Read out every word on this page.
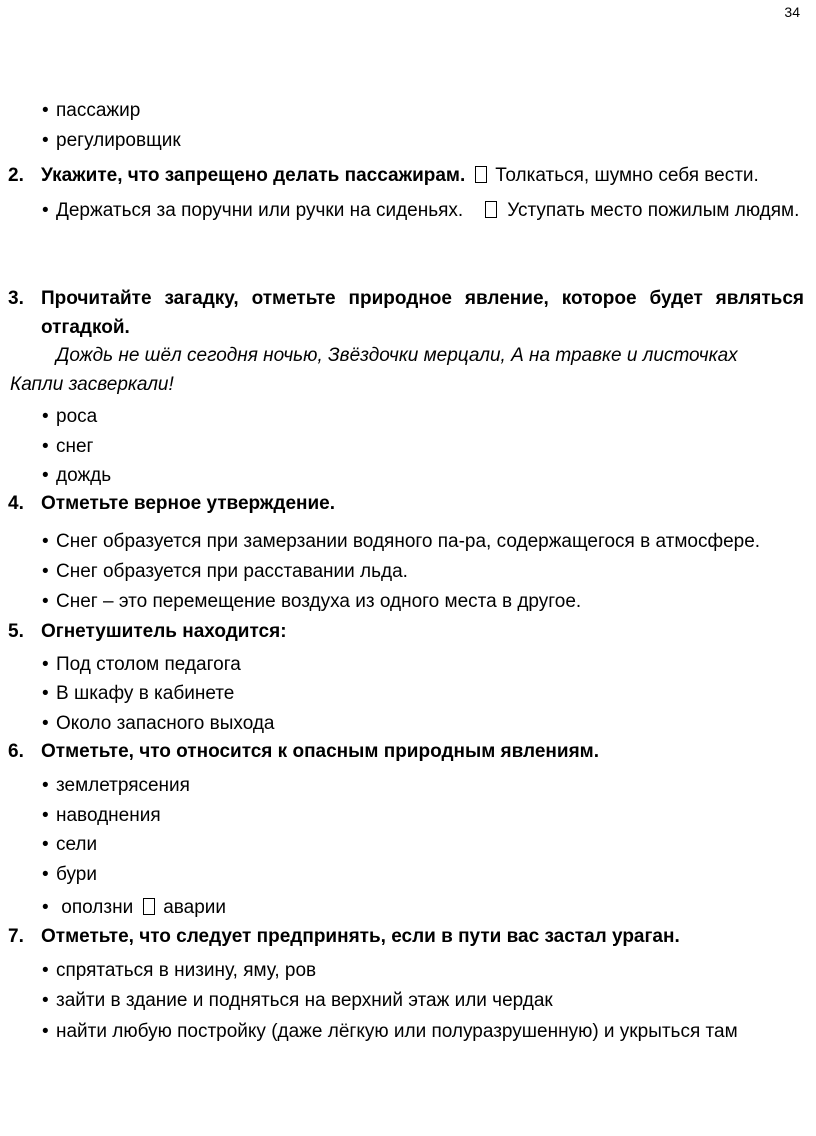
34
• пассажир
• регулировщик
2. Укажите, что запрещено делать пассажирам. Толкаться, шумно себя вести.
• Держаться за поручни или ручки на сиденьях. Уступать место пожилым людям.
3. Прочитайте загадку, отметьте природное явление, которое будет являться
отгадкой.
Дождь не шёл сегодня ночью, Звёздочки мерцали, А на травке и листочках
Капли засверкали!
• роса
• снег
• дождь
4. Отметьте верное утверждение.
• Снег образуется при замерзании водяного па-ра, содержащегося в атмосфере.
• Снег образуется при расставании льда.
• Снег – это перемещение воздуха из одного места в другое.
5. Огнетушитель находится:
• Под столом педагога
• В шкафу в кабинете
• Около запасного выхода
6. Отметьте, что относится к опасным природным явлениям.
• землетрясения
• наводнения
• сели
• бури
• оползни аварии
7. Отметьте, что следует предпринять, если в пути вас застал ураган.
• спрятаться в низину, яму, ров
• зайти в здание и подняться на верхний этаж или чердак
• найти любую постройку (даже лёгкую или полуразрушенную) и укрыться там
